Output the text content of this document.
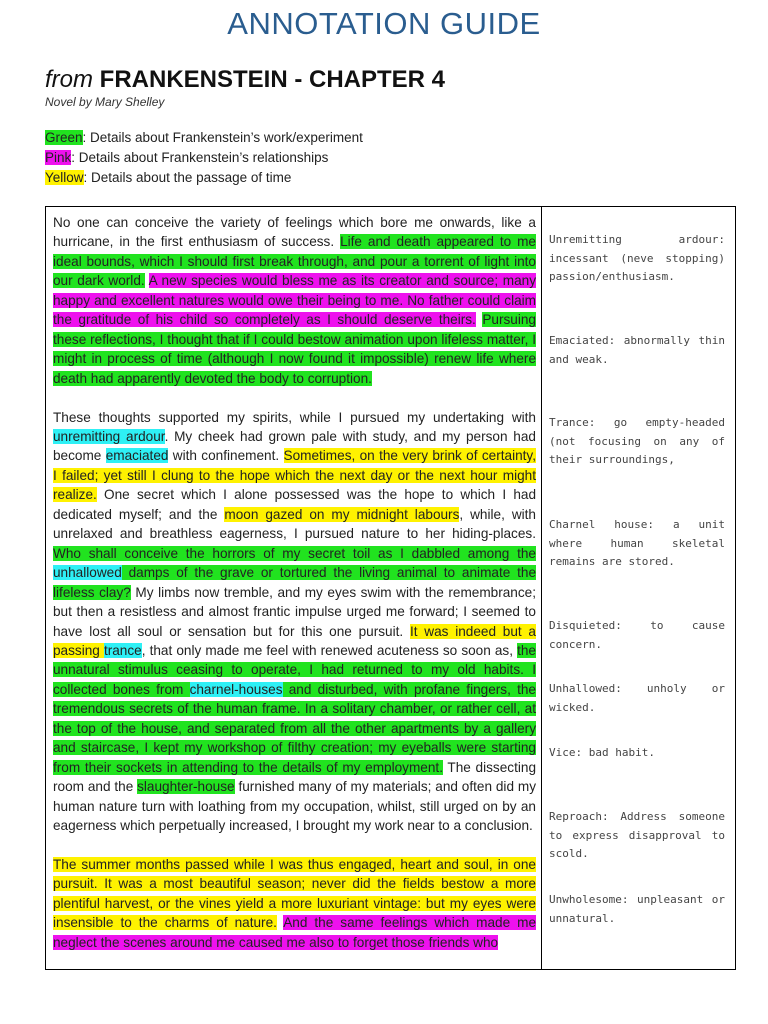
ANNOTATION GUIDE
from FRANKENSTEIN - CHAPTER 4
Novel by Mary Shelley
Green: Details about Frankenstein’s work/experiment
Pink: Details about Frankenstein’s relationships
Yellow: Details about the passage of time

No one can conceive the variety of feelings which bore me onwards, like a hurricane, in the first enthusiasm of success. Life and death appeared to me ideal bounds, which I should first break through, and pour a torrent of light into our dark world. A new species would bless me as its creator and source; many happy and excellent natures would owe their being to me. No father could claim the gratitude of his child so completely as I should deserve theirs. Pursuing these reflections, I thought that if I could bestow animation upon lifeless matter, I might in process of time (although I now found it impossible) renew life where death had apparently devoted the body to corruption.

These thoughts supported my spirits, while I pursued my undertaking with unremitting ardour. My cheek had grown pale with study, and my person had become emaciated with confinement. Sometimes, on the very brink of certainty, I failed; yet still I clung to the hope which the next day or the next hour might realize. One secret which I alone possessed was the hope to which I had dedicated myself; and the moon gazed on my midnight labours, while, with unrelaxed and breathless eagerness, I pursued nature to her hiding-places. Who shall conceive the horrors of my secret toil as I dabbled among the unhallowed damps of the grave or tortured the living animal to animate the lifeless clay? My limbs now tremble, and my eyes swim with the remembrance; but then a resistless and almost frantic impulse urged me forward; I seemed to have lost all soul or sensation but for this one pursuit. It was indeed but a passing trance, that only made me feel with renewed acuteness so soon as, the unnatural stimulus ceasing to operate, I had returned to my old habits. I collected bones from charnel-houses and disturbed, with profane fingers, the tremendous secrets of the human frame. In a solitary chamber, or rather cell, at the top of the house, and separated from all the other apartments by a gallery and staircase, I kept my workshop of filthy creation; my eyeballs were starting from their sockets in attending to the details of my employment. The dissecting room and the slaughter-house furnished many of my materials; and often did my human nature turn with loathing from my occupation, whilst, still urged on by an eagerness which perpetually increased, I brought my work near to a conclusion.

The summer months passed while I was thus engaged, heart and soul, in one pursuit. It was a most beautiful season; never did the fields bestow a more plentiful harvest, or the vines yield a more luxuriant vintage: but my eyes were insensible to the charms of nature. And the same feelings which made me neglect the scenes around me caused me also to forget those friends who

Unremitting ardour: incessant (neve stopping) passion/enthusiasm.
Emaciated: abnormally thin and weak.
Trance: go empty-headed (not focusing on any of their surroundings,
Charnel house: a unit where human skeletal remains are stored.
Disquieted: to cause concern.
Unhallowed: unholy or wicked.
Vice: bad habit.
Reproach: Address someone to express disapproval to scold.
Unwholesome: unpleasant or unnatural.
